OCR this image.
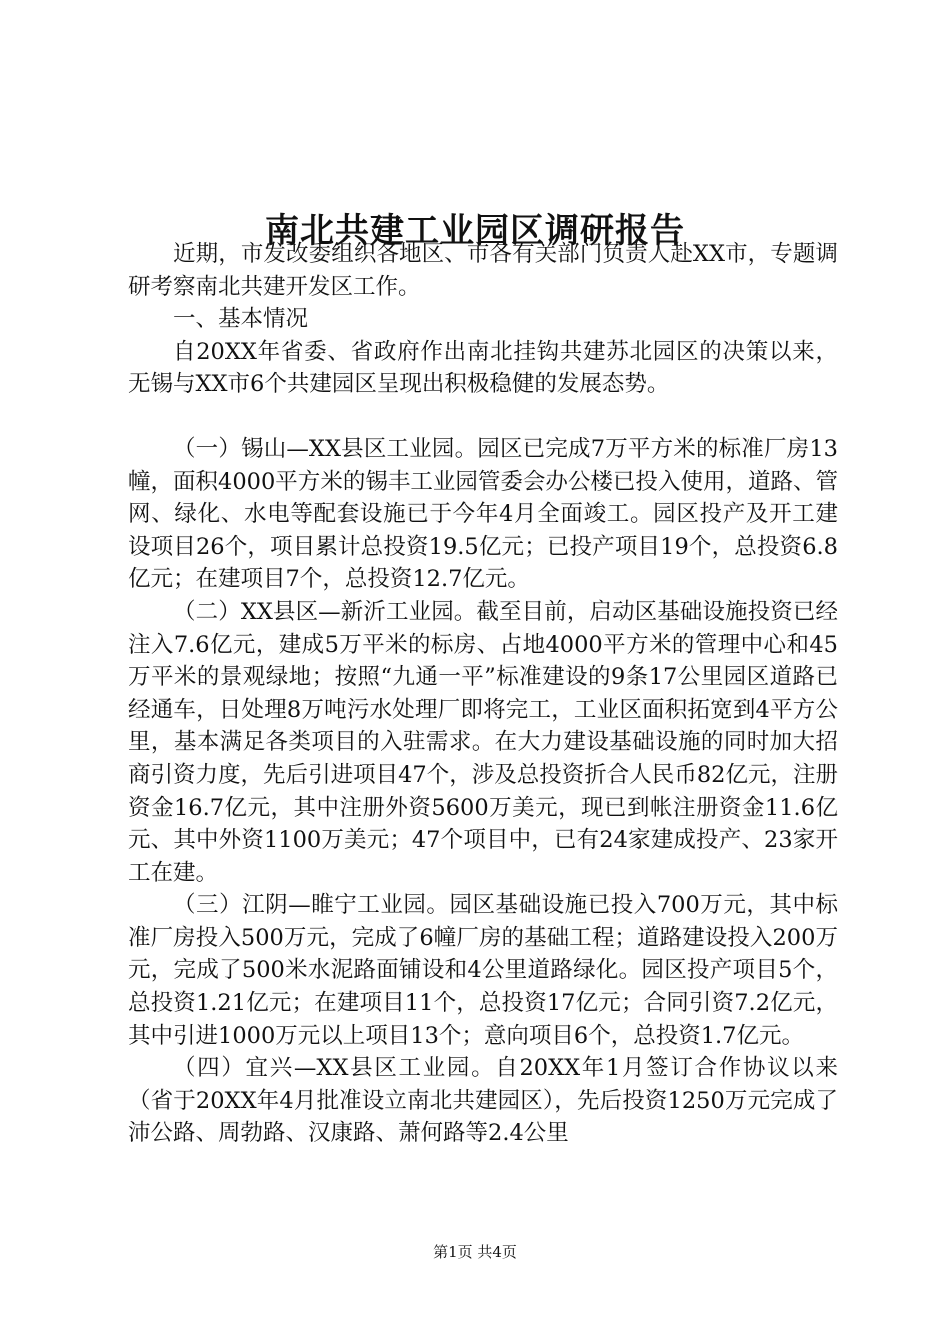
南北共建工业园区调研报告

近期，市发改委组织各地区、市各有关部门负责人赴XX市，专题调研考察南北共建开发区工作。

一、基本情况

自20XX年省委、省政府作出南北挂钩共建苏北园区的决策以来，无锡与XX市6个共建园区呈现出积极稳健的发展态势。

（一）锡山—XX县区工业园。园区已完成7万平方米的标准厂房13幢，面积4000平方米的锡丰工业园管委会办公楼已投入使用，道路、管网、绿化、水电等配套设施已于今年4月全面竣工。园区投产及开工建设项目26个，项目累计总投资19.5亿元；已投产项目19个，总投资6.8亿元；在建项目7个，总投资12.7亿元。

（二）XX县区—新沂工业园。截至目前，启动区基础设施投资已经注入7.6亿元，建成5万平米的标房、占地4000平方米的管理中心和45万平米的景观绿地；按照“九通一平”标准建设的9条17公里园区道路已经通车，日处理8万吨污水处理厂即将完工，工业区面积拓宽到4平方公里，基本满足各类项目的入驻需求。在大力建设基础设施的同时加大招商引资力度，先后引进项目47个，涉及总投资折合人民币82亿元，注册资金16.7亿元，其中注册外资5600万美元，现已到帐注册资金11.6亿元、其中外资1100万美元；47个项目中，已有24家建成投产、23家开工在建。

（三）江阴—睢宁工业园。园区基础设施已投入700万元，其中标准厂房投入500万元，完成了6幢厂房的基础工程；道路建设投入200万元，完成了500米水泥路面铺设和4公里道路绿化。园区投产项目5个，总投资1.21亿元；在建项目11个，总投资17亿元；合同引资7.2亿元，其中引进1000万元以上项目13个；意向项目6个，总投资1.7亿元。

（四）宜兴—XX县区工业园。自20XX年1月签订合作协议以来（省于20XX年4月批准设立南北共建园区），先后投资1250万元完成了沛公路、周勃路、汉康路、萧何路等2.4公里

第1页 共4页
